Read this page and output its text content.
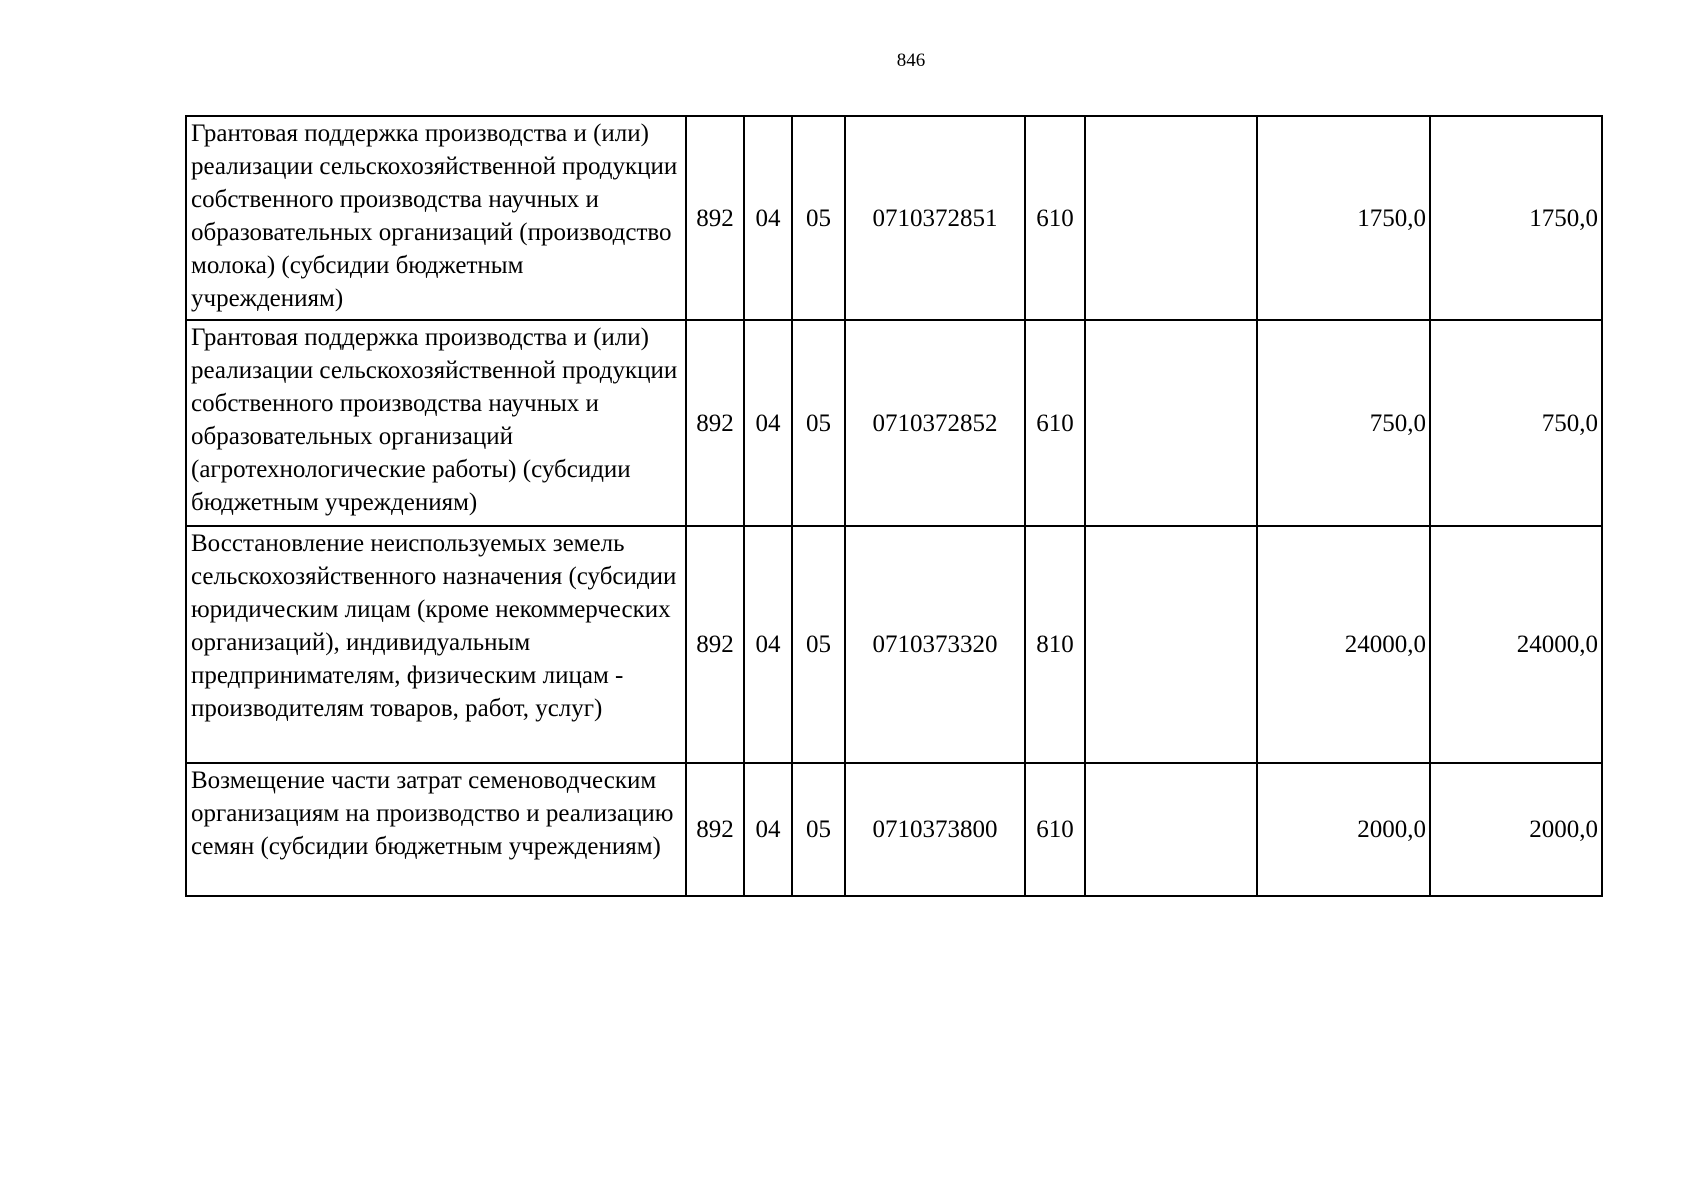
846
Грантовая поддержка производства и (или) реализации сельскохозяйственной продукции собственного производства научных и образовательных организаций (производство молока) (субсидии бюджетным учреждениям)	892	04	05	0710372851	610		1750,0	1750,0
Грантовая поддержка производства и (или) реализации сельскохозяйственной продукции собственного производства научных и образовательных организаций (агротехнологические работы) (субсидии бюджетным учреждениям)	892	04	05	0710372852	610		750,0	750,0
Восстановление неиспользуемых земель сельскохозяйственного назначения (субсидии юридическим лицам (кроме некоммерческих организаций), индивидуальным предпринимателям, физическим лицам - производителям товаров, работ, услуг)	892	04	05	0710373320	810		24000,0	24000,0
Возмещение части затрат семеноводческим организациям на производство и реализацию семян (субсидии бюджетным учреждениям)	892	04	05	0710373800	610		2000,0	2000,0
